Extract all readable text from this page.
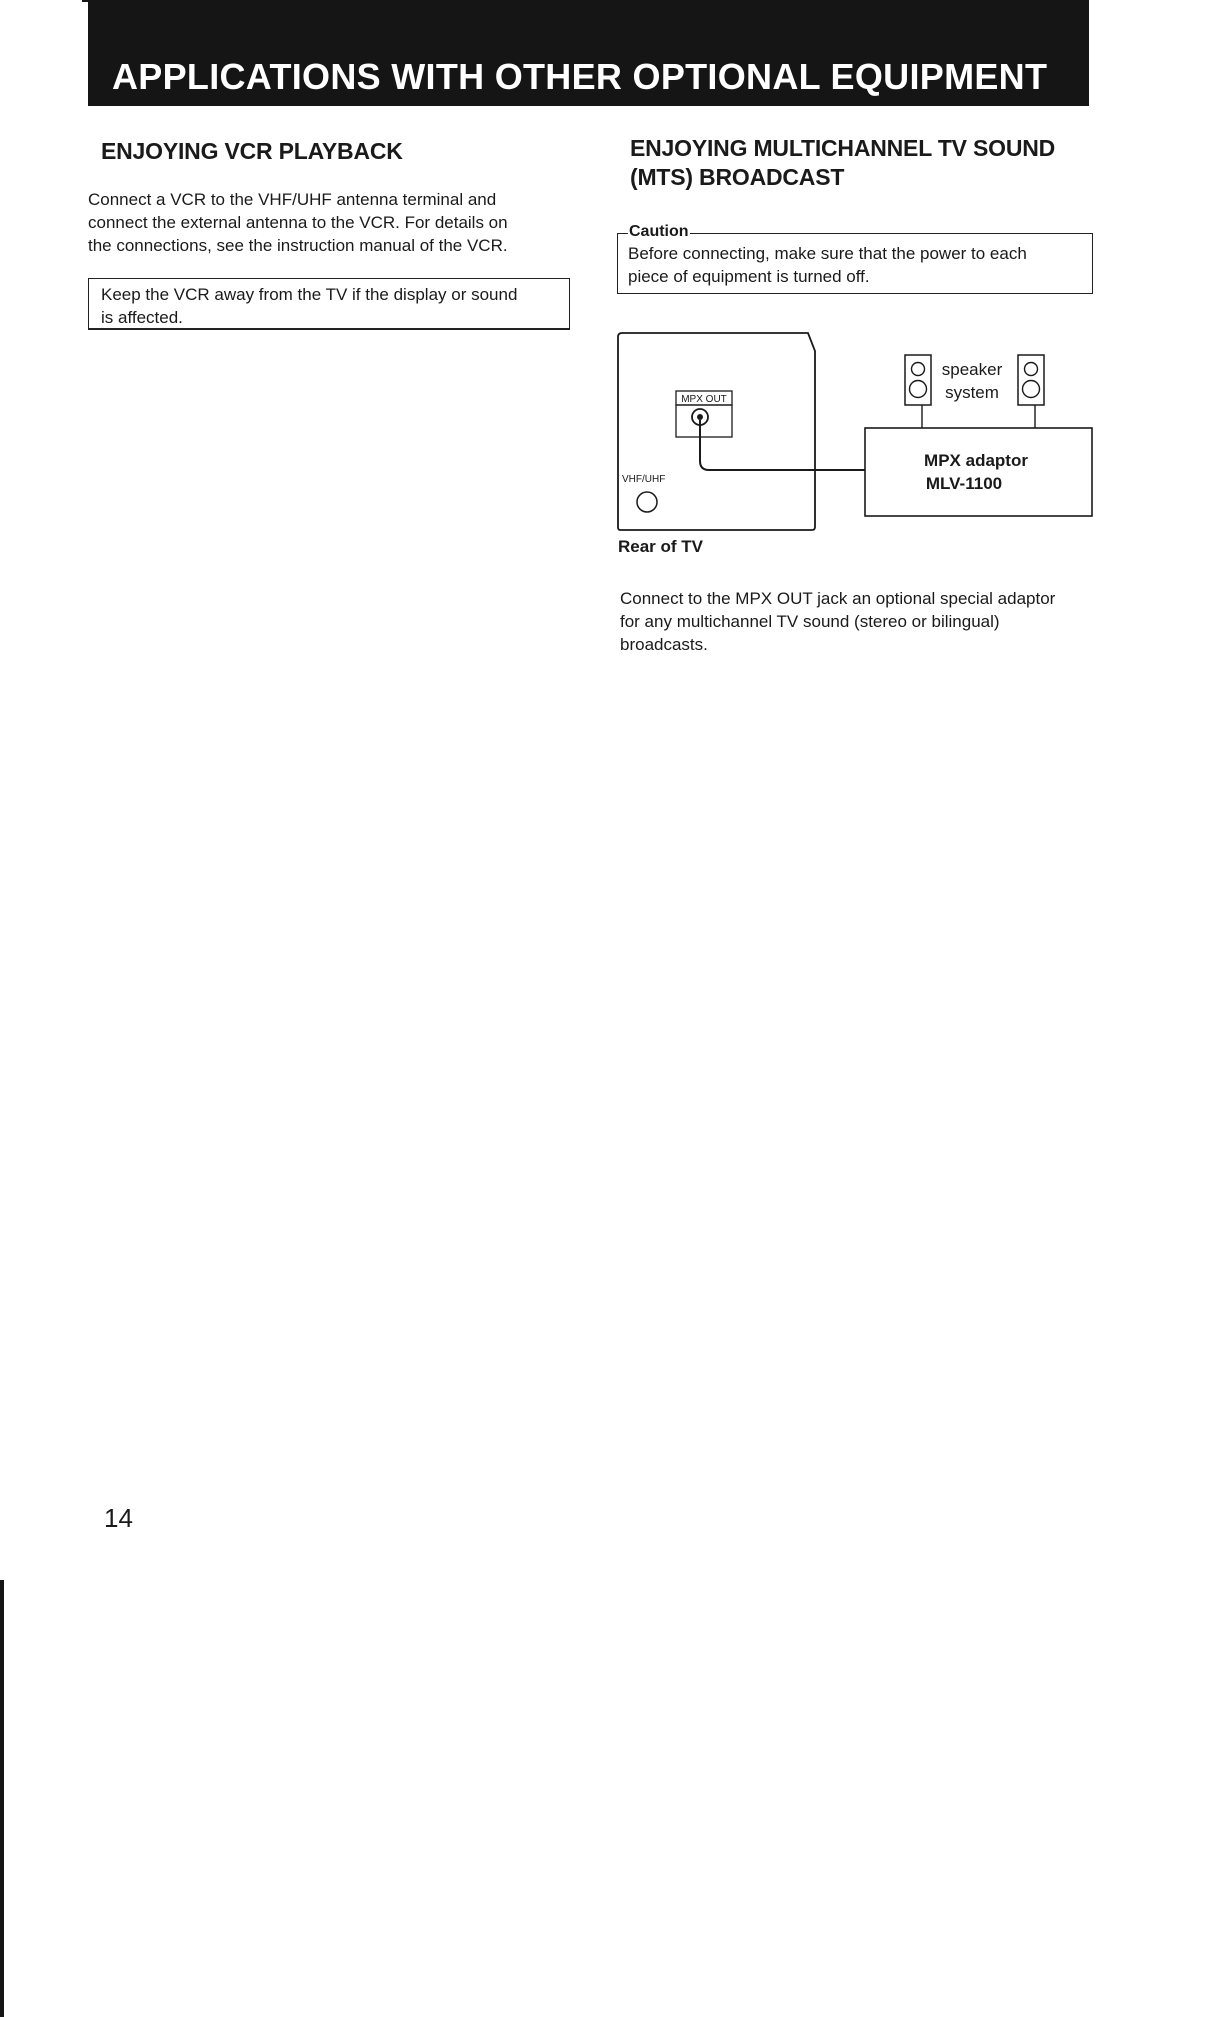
APPLICATIONS WITH OTHER OPTIONAL EQUIPMENT
ENJOYING VCR PLAYBACK
Connect a VCR to the VHF/UHF antenna terminal and
connect the external antenna to the VCR. For details on
the connections, see the instruction manual of the VCR.
Keep the VCR away from the TV if the display or sound
is affected.
ENJOYING MULTICHANNEL TV SOUND
(MTS) BROADCAST
Caution
Before connecting, make sure that the power to each
piece of equipment is turned off.
MPX OUT
VHF/UHF
speaker
system
MPX adaptor
MLV-1100
Rear of TV
Connect to the MPX OUT jack an optional special adaptor
for any multichannel TV sound (stereo or bilingual)
broadcasts.

14
